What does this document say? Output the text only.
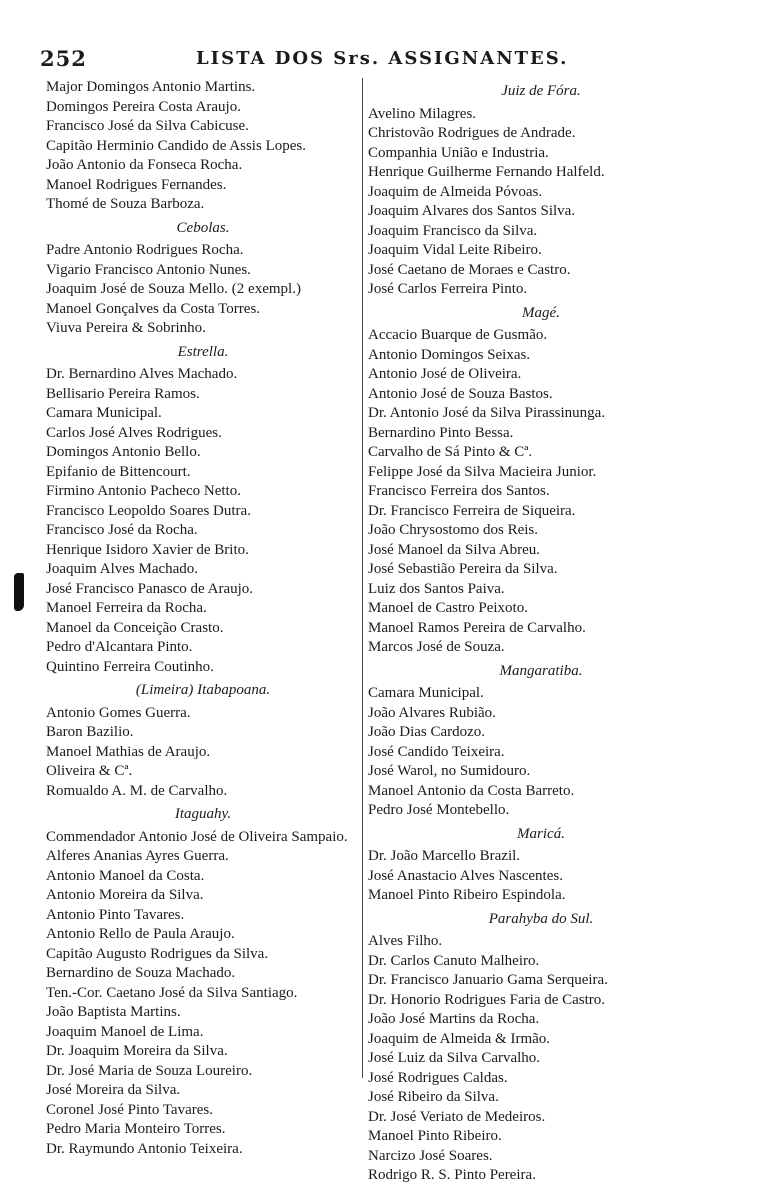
252	LISTA DOS Srs. ASSIGNANTES.
Major Domingos Antonio Martins.
Domingos Pereira Costa Araujo.
Francisco José da Silva Cabicuse.
Capitão Herminio Candido de Assis Lopes.
João Antonio da Fonseca Rocha.
Manoel Rodrigues Fernandes.
Thomé de Souza Barboza.
Cebolas.
Padre Antonio Rodrigues Rocha.
Vigario Francisco Antonio Nunes.
Joaquim José de Souza Mello. (2 exempl.)
Manoel Gonçalves da Costa Torres.
Viuva Pereira & Sobrinho.
Estrella.
Dr. Bernardino Alves Machado.
Bellisario Pereira Ramos.
Camara Municipal.
Carlos José Alves Rodrigues.
Domingos Antonio Bello.
Epifanio de Bittencourt.
Firmino Antonio Pacheco Netto.
Francisco Leopoldo Soares Dutra.
Francisco José da Rocha.
Henrique Isidoro Xavier de Brito.
Joaquim Alves Machado.
José Francisco Panasco de Araujo.
Manoel Ferreira da Rocha.
Manoel da Conceição Crasto.
Pedro d'Alcantara Pinto.
Quintino Ferreira Coutinho.
(Limeira) Itabapoana.
Antonio Gomes Guerra.
Baron Bazilio.
Manoel Mathias de Araujo.
Oliveira & Cª.
Romualdo A. M. de Carvalho.
Itaguahy.
Commendador Antonio José de Oliveira Sampaio.
Alferes Ananias Ayres Guerra.
Antonio Manoel da Costa.
Antonio Moreira da Silva.
Antonio Pinto Tavares.
Antonio Rello de Paula Araujo.
Capitão Augusto Rodrigues da Silva.
Bernardino de Souza Machado.
Ten.-Cor. Caetano José da Silva Santiago.
João Baptista Martins.
Joaquim Manoel de Lima.
Dr. Joaquim Moreira da Silva.
Dr. José Maria de Souza Loureiro.
José Moreira da Silva.
Coronel José Pinto Tavares.
Pedro Maria Monteiro Torres.
Dr. Raymundo Antonio Teixeira.
Juiz de Fóra.
Avelino Milagres.
Christovão Rodrigues de Andrade.
Companhia União e Industria.
Henrique Guilherme Fernando Halfeld.
Joaquim de Almeida Póvoas.
Joaquim Alvares dos Santos Silva.
Joaquim Francisco da Silva.
Joaquim Vidal Leite Ribeiro.
José Caetano de Moraes e Castro.
José Carlos Ferreira Pinto.
Magé.
Accacio Buarque de Gusmão.
Antonio Domingos Seixas.
Antonio José de Oliveira.
Antonio José de Souza Bastos.
Dr. Antonio José da Silva Pirassinunga.
Bernardino Pinto Bessa.
Carvalho de Sá Pinto & Cª.
Felippe José da Silva Macieira Junior.
Francisco Ferreira dos Santos.
Dr. Francisco Ferreira de Siqueira.
João Chrysostomo dos Reis.
José Manoel da Silva Abreu.
José Sebastião Pereira da Silva.
Luiz dos Santos Paiva.
Manoel de Castro Peixoto.
Manoel Ramos Pereira de Carvalho.
Marcos José de Souza.
Mangaratiba.
Camara Municipal.
João Alvares Rubião.
João Dias Cardozo.
José Candido Teixeira.
José Warol, no Sumidouro.
Manoel Antonio da Costa Barreto.
Pedro José Montebello.
Maricá.
Dr. João Marcello Brazil.
José Anastacio Alves Nascentes.
Manoel Pinto Ribeiro Espindola.
Parahyba do Sul.
Alves Filho.
Dr. Carlos Canuto Malheiro.
Dr. Francisco Januario Gama Serqueira.
Dr. Honorio Rodrigues Faria de Castro.
João José Martins da Rocha.
Joaquim de Almeida & Irmão.
José Luiz da Silva Carvalho.
José Rodrigues Caldas.
José Ribeiro da Silva.
Dr. José Veriato de Medeiros.
Manoel Pinto Ribeiro.
Narcizo José Soares.
Rodrigo R. S. Pinto Pereira.
